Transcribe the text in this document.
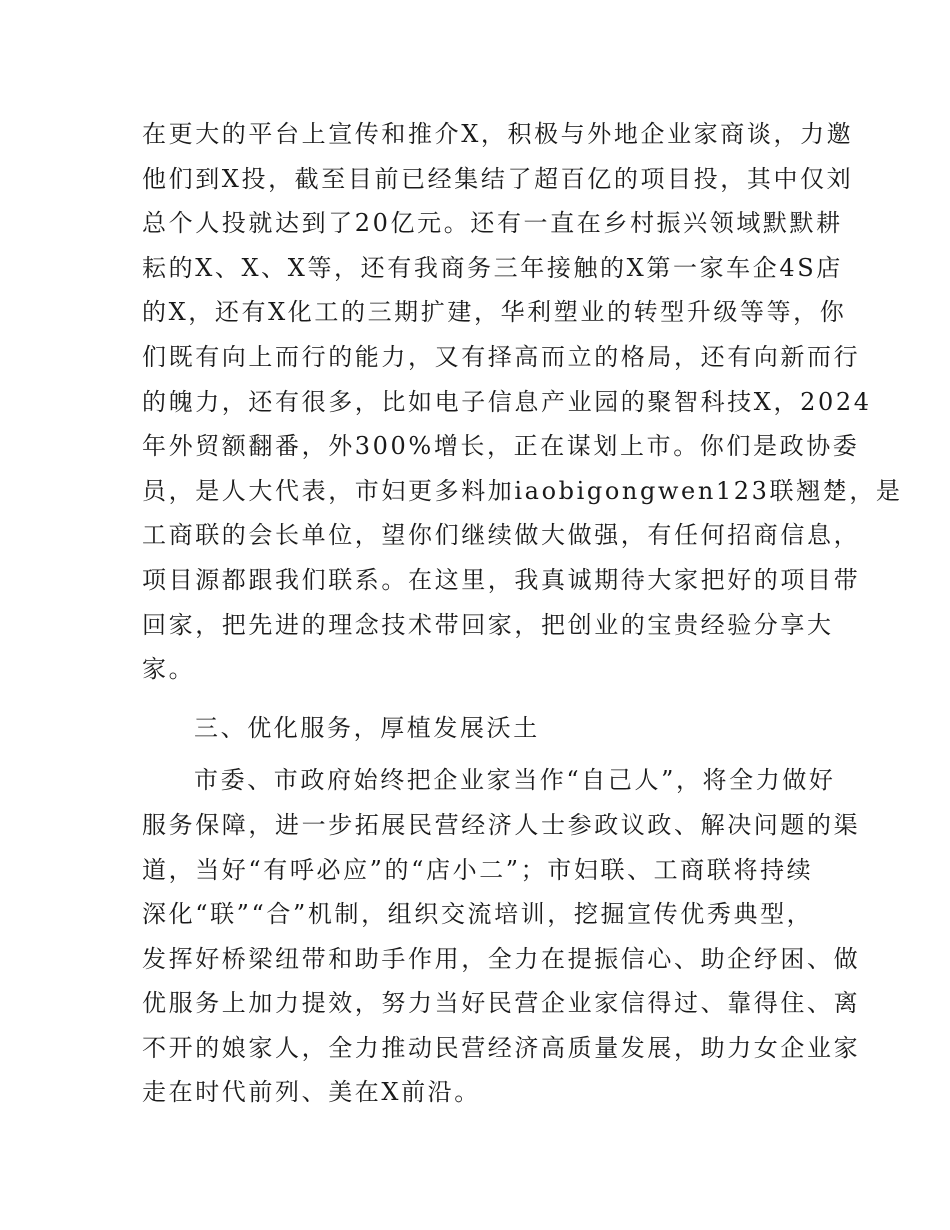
在更大的平台上宣传和推介X，积极与外地企业家商谈，力邀
他们到X投，截至目前已经集结了超百亿的项目投，其中仅刘
总个人投就达到了20亿元。还有一直在乡村振兴领域默默耕
耘的X、X、X等，还有我商务三年接触的X第一家车企4S店
的X，还有X化工的三期扩建，华利塑业的转型升级等等，你
们既有向上而行的能力，又有择高而立的格局，还有向新而行
的魄力，还有很多，比如电子信息产业园的聚智科技X，2024
年外贸额翻番，外300%增长，正在谋划上市。你们是政协委
员，是人大代表，市妇更多料加iaobigongwen123联翘楚，是
工商联的会长单位，望你们继续做大做强，有任何招商信息，
项目源都跟我们联系。在这里，我真诚期待大家把好的项目带
回家，把先进的理念技术带回家，把创业的宝贵经验分享大
家。
三、优化服务，厚植发展沃土
市委、市政府始终把企业家当作“自己人”，将全力做好
服务保障，进一步拓展民营经济人士参政议政、解决问题的渠
道，当好“有呼必应”的“店小二”；市妇联、工商联将持续
深化“联”“合”机制，组织交流培训，挖掘宣传优秀典型，
发挥好桥梁纽带和助手作用，全力在提振信心、助企纾困、做
优服务上加力提效，努力当好民营企业家信得过、靠得住、离
不开的娘家人，全力推动民营经济高质量发展，助力女企业家
走在时代前列、美在X前沿。
